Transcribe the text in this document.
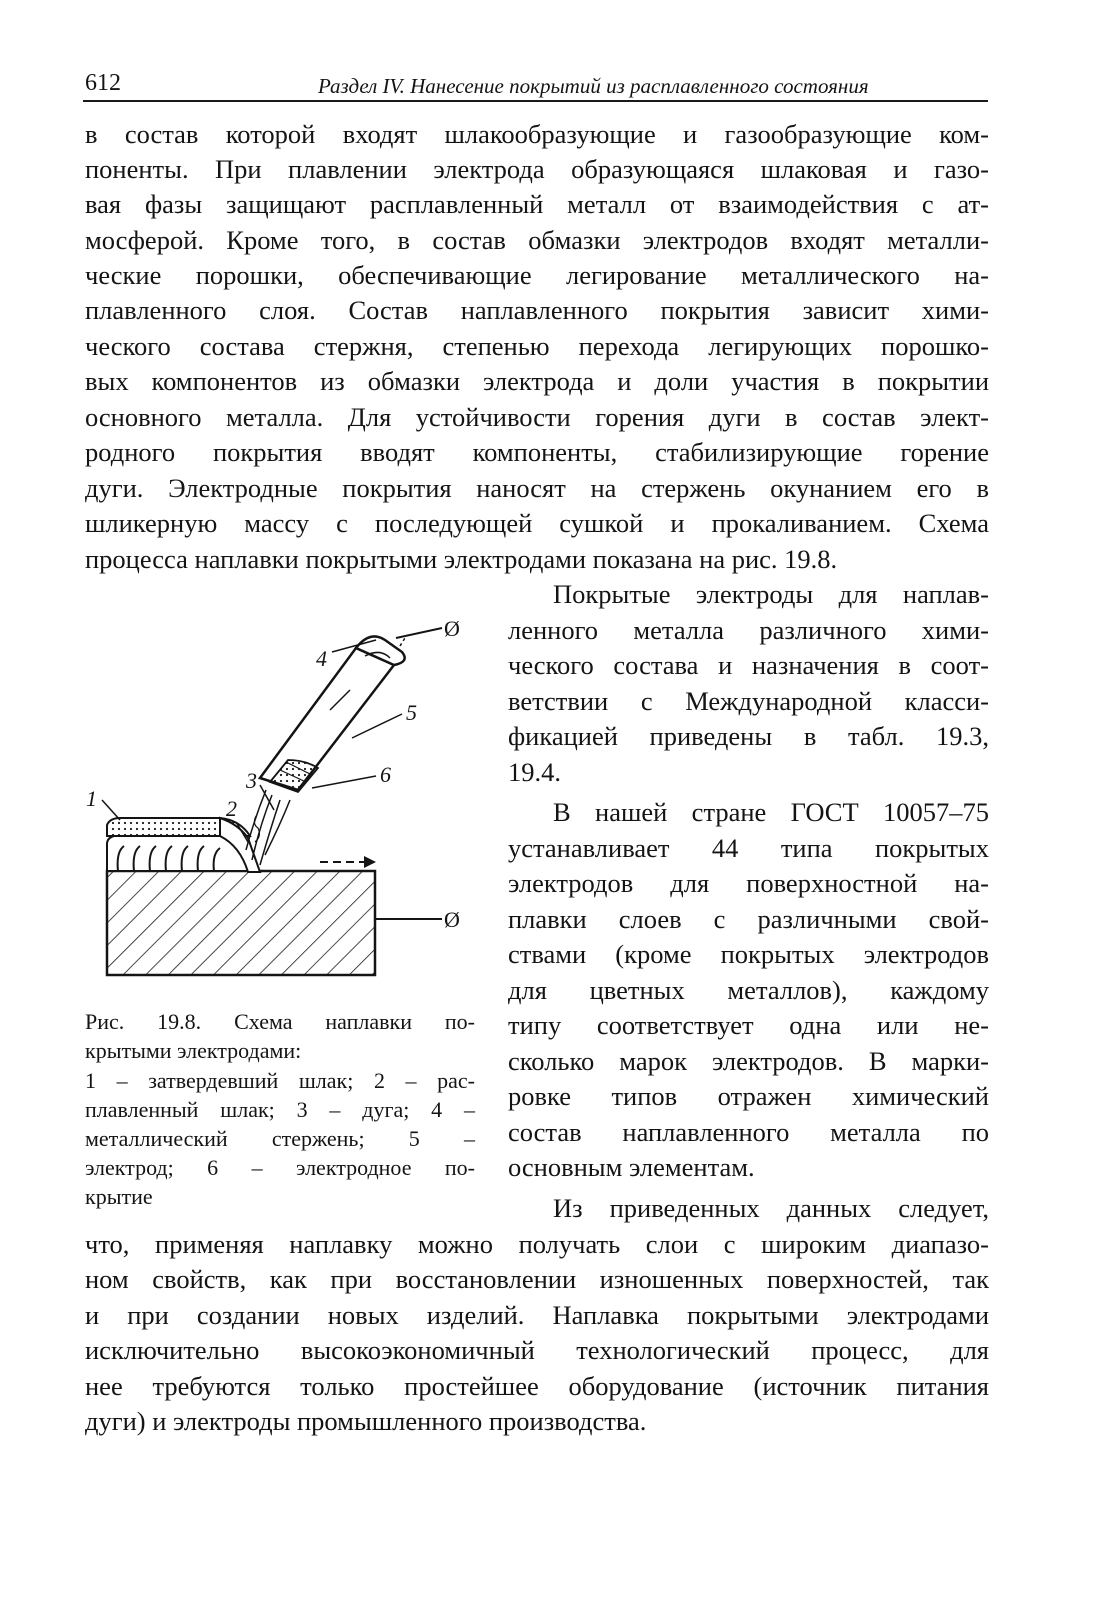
612	Раздел IV. Нанесение покрытий из расплавленного состояния
в состав которой входят шлакообразующие и газообразующие ком-
поненты. При плавлении электрода образующаяся шлаковая и газо-
вая фазы защищают расплавленный металл от взаимодействия с ат-
мосферой. Кроме того, в состав обмазки электродов входят металли-
ческие порошки, обеспечивающие легирование металлического на-
плавленного слоя. Состав наплавленного покрытия зависит хими-
ческого состава стержня, степенью перехода легирующих порошко-
вых компонентов из обмазки электрода и доли участия в покрытии
основного металла. Для устойчивости горения дуги в состав элект-
родного покрытия вводят компоненты, стабилизирующие горение
дуги. Электродные покрытия наносят на стержень окунанием его в
шликерную массу с последующей сушкой и прокаливанием. Схема
процесса наплавки покрытыми электродами показана на рис. 19.8.
Покрытые электроды для наплав-
ленного металла различного хими-
ческого состава и назначения в соот-
ветствии с Международной класси-
фикацией приведены в табл. 19.3,
19.4.
В нашей стране ГОСТ 10057–75
устанавливает 44 типа покрытых
электродов для поверхностной на-
плавки слоев с различными свой-
ствами (кроме покрытых электродов
для цветных металлов), каждому
типу соответствует одна или не-
сколько марок электродов. В марки-
ровке типов отражен химический
состав наплавленного металла по
основным элементам.
Из приведенных данных следует,
что, применяя наплавку можно получать слои с широким диапазо-
ном свойств, как при восстановлении изношенных поверхностей, так
и при создании новых изделий. Наплавка покрытыми электродами
исключительно высокоэкономичный технологический процесс, для
нее требуются только простейшее оборудование (источник питания
дуги) и электроды промышленного производства.
Ø
Ø
1	2
3
4
5
6
Рис. 19.8. Схема наплавки по-
крытыми электродами:
1 – затвердевший шлак; 2 – рас-
плавленный шлак; 3 – дуга; 4 –
металлический стержень; 5 –
электрод; 6 – электродное по-
крытие
